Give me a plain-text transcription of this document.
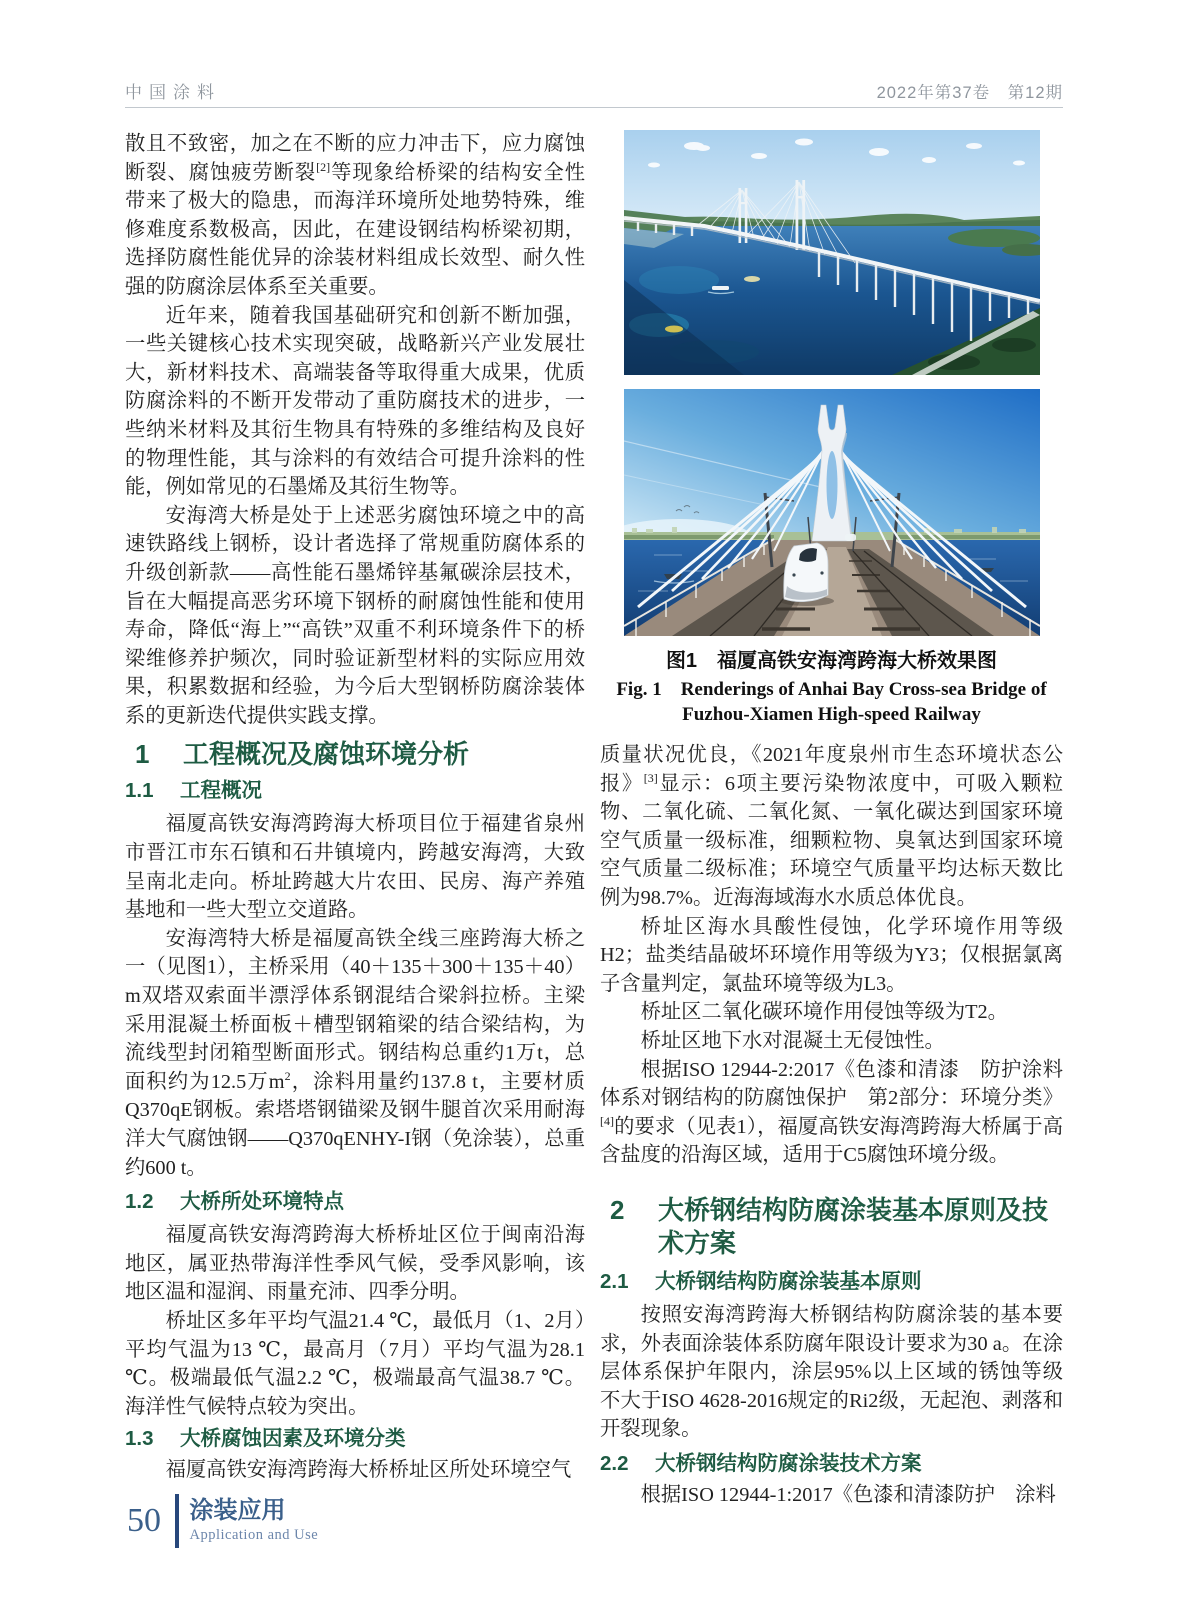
中国涂料	2022年第37卷　第12期

散且不致密，加之在不断的应力冲击下，应力腐蚀断裂、腐蚀疲劳断裂[2]等现象给桥梁的结构安全性带来了极大的隐患，而海洋环境所处地势特殊，维修难度系数极高，因此，在建设钢结构桥梁初期，选择防腐性能优异的涂装材料组成长效型、耐久性强的防腐涂层体系至关重要。

近年来，随着我国基础研究和创新不断加强，一些关键核心技术实现突破，战略新兴产业发展壮大，新材料技术、高端装备等取得重大成果，优质防腐涂料的不断开发带动了重防腐技术的进步，一些纳米材料及其衍生物具有特殊的多维结构及良好的物理性能，其与涂料的有效结合可提升涂料的性能，例如常见的石墨烯及其衍生物等。

安海湾大桥是处于上述恶劣腐蚀环境之中的高速铁路线上钢桥，设计者选择了常规重防腐体系的升级创新款——高性能石墨烯锌基氟碳涂层技术，旨在大幅提高恶劣环境下钢桥的耐腐蚀性能和使用寿命，降低“海上”“高铁”双重不利环境条件下的桥梁维修养护频次，同时验证新型材料的实际应用效果，积累数据和经验，为今后大型钢桥防腐涂装体系的更新迭代提供实践支撑。

1	工程概况及腐蚀环境分析
1.1	工程概况

福厦高铁安海湾跨海大桥项目位于福建省泉州市晋江市东石镇和石井镇境内，跨越安海湾，大致呈南北走向。桥址跨越大片农田、民房、海产养殖基地和一些大型立交道路。

安海湾特大桥是福厦高铁全线三座跨海大桥之一（见图1），主桥采用（40＋135＋300＋135＋40）m双塔双索面半漂浮体系钢混结合梁斜拉桥。主梁采用混凝土桥面板＋槽型钢箱梁的结合梁结构，为流线型封闭箱型断面形式。钢结构总重约1万t，总面积约为12.5万$m^2$，涂料用量约137.8 t，主要材质Q370qE钢板。索塔塔钢锚梁及钢牛腿首次采用耐海洋大气腐蚀钢——Q370qENHY-I钢（免涂装），总重约600 t。

1.2	大桥所处环境特点

福厦高铁安海湾跨海大桥桥址区位于闽南沿海地区，属亚热带海洋性季风气候，受季风影响，该地区温和湿润、雨量充沛、四季分明。

桥址区多年平均气温21.4 ℃，最低月（1、2月）平均气温为13 ℃，最高月（7月）平均气温为28.1 ℃。极端最低气温2.2 ℃，极端最高气温38.7 ℃。海洋性气候特点较为突出。

1.3	大桥腐蚀因素及环境分类

福厦高铁安海湾跨海大桥桥址区所处环境空气

图1　福厦高铁安海湾跨海大桥效果图
Fig. 1　Renderings of Anhai Bay Cross-sea Bridge of
Fuzhou-Xiamen High-speed Railway

质量状况优良，《2021年度泉州市生态环境状态公报》[3]显示：6项主要污染物浓度中，可吸入颗粒物、二氧化硫、二氧化氮、一氧化碳达到国家环境空气质量一级标准，细颗粒物、臭氧达到国家环境空气质量二级标准；环境空气质量平均达标天数比例为98.7%。近海海域海水水质总体优良。

桥址区海水具酸性侵蚀，化学环境作用等级H2；盐类结晶破坏环境作用等级为Y3；仅根据氯离子含量判定，氯盐环境等级为L3。

桥址区二氧化碳环境作用侵蚀等级为T2。

桥址区地下水对混凝土无侵蚀性。

根据ISO 12944-2:2017《色漆和清漆　防护涂料体系对钢结构的防腐蚀保护　第2部分：环境分类》[4]的要求（见表1），福厦高铁安海湾跨海大桥属于高含盐度的沿海区域，适用于C5腐蚀环境分级。

2	大桥钢结构防腐涂装基本原则及技术方案
2.1	大桥钢结构防腐涂装基本原则

按照安海湾跨海大桥钢结构防腐涂装的基本要求，外表面涂装体系防腐年限设计要求为30 a。在涂层体系保护年限内，涂层95%以上区域的锈蚀等级不大于ISO 4628-2016规定的Ri2级，无起泡、剥落和开裂现象。

2.2	大桥钢结构防腐涂装技术方案

根据ISO 12944-1:2017《色漆和清漆防护　涂料

50 涂装应用
Application and Use
